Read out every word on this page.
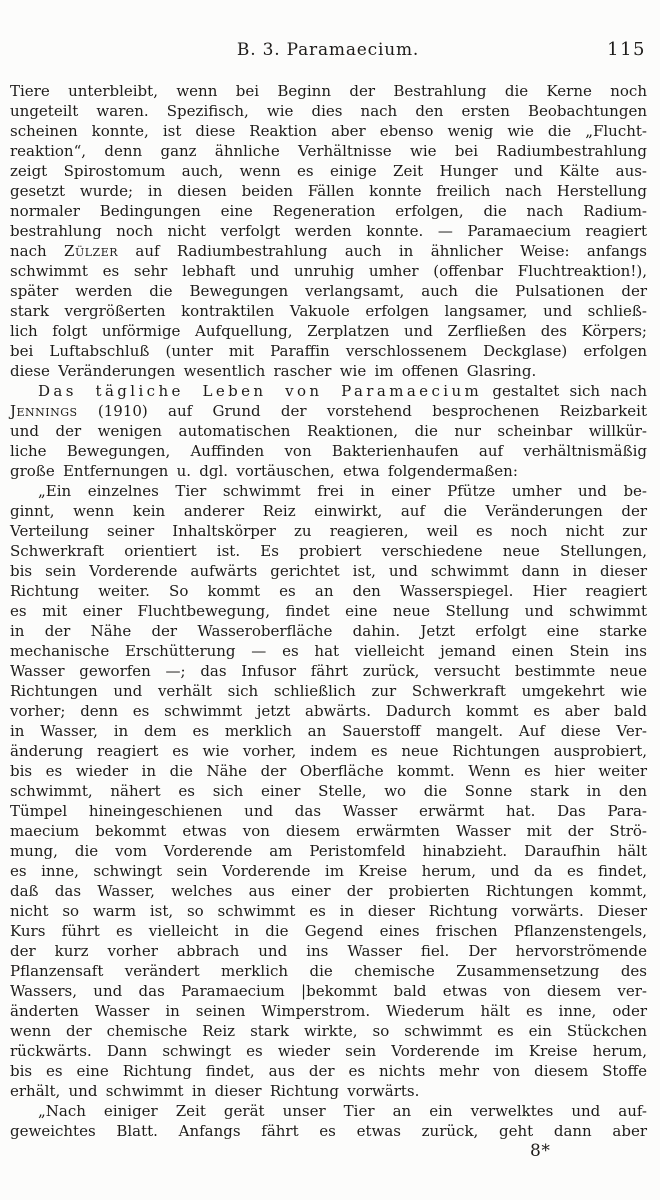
B. 3. Paramaecium.	115
Tiere unterbleibt, wenn bei Beginn der Bestrahlung die Kerne noch
ungeteilt waren. Spezifisch, wie dies nach den ersten Beobachtungen
scheinen konnte, ist diese Reaktion aber ebenso wenig wie die „Flucht-
reaktion“, denn ganz ähnliche Verhältnisse wie bei Radiumbestrahlung
zeigt Spirostomum auch, wenn es einige Zeit Hunger und Kälte aus-
gesetzt wurde; in diesen beiden Fällen konnte freilich nach Herstellung
normaler Bedingungen eine Regeneration erfolgen, die nach Radium-
bestrahlung noch nicht verfolgt werden konnte. — Paramaecium reagiert
nach Zülzer auf Radiumbestrahlung auch in ähnlicher Weise: anfangs
schwimmt es sehr lebhaft und unruhig umher (offenbar Fluchtreaktion!),
später werden die Bewegungen verlangsamt, auch die Pulsationen der
stark vergrößerten kontraktilen Vakuole erfolgen langsamer, und schließ-
lich folgt unförmige Aufquellung, Zerplatzen und Zerfließen des Körpers;
bei Luftabschluß (unter mit Paraffin verschlossenem Deckglase) erfolgen
diese Veränderungen wesentlich rascher wie im offenen Glasring.
Das tägliche Leben von Paramaecium gestaltet sich nach
Jennings (1910) auf Grund der vorstehend besprochenen Reizbarkeit
und der wenigen automatischen Reaktionen, die nur scheinbar willkür-
liche Bewegungen, Auffinden von Bakterienhaufen auf verhältnismäßig
große Entfernungen u. dgl. vortäuschen, etwa folgendermaßen:
„Ein einzelnes Tier schwimmt frei in einer Pfütze umher und be-
ginnt, wenn kein anderer Reiz einwirkt, auf die Veränderungen der
Verteilung seiner Inhaltskörper zu reagieren, weil es noch nicht zur
Schwerkraft orientiert ist. Es probiert verschiedene neue Stellungen,
bis sein Vorderende aufwärts gerichtet ist, und schwimmt dann in dieser
Richtung weiter. So kommt es an den Wasserspiegel. Hier reagiert
es mit einer Fluchtbewegung, findet eine neue Stellung und schwimmt
in der Nähe der Wasseroberfläche dahin. Jetzt erfolgt eine starke
mechanische Erschütterung — es hat vielleicht jemand einen Stein ins
Wasser geworfen —; das Infusor fährt zurück, versucht bestimmte neue
Richtungen und verhält sich schließlich zur Schwerkraft umgekehrt wie
vorher; denn es schwimmt jetzt abwärts. Dadurch kommt es aber bald
in Wasser, in dem es merklich an Sauerstoff mangelt. Auf diese Ver-
änderung reagiert es wie vorher, indem es neue Richtungen ausprobiert,
bis es wieder in die Nähe der Oberfläche kommt. Wenn es hier weiter
schwimmt, nähert es sich einer Stelle, wo die Sonne stark in den
Tümpel hineingeschienen und das Wasser erwärmt hat. Das Para-
maecium bekommt etwas von diesem erwärmten Wasser mit der Strö-
mung, die vom Vorderende am Peristomfeld hinabzieht. Daraufhin hält
es inne, schwingt sein Vorderende im Kreise herum, und da es findet,
daß das Wasser, welches aus einer der probierten Richtungen kommt,
nicht so warm ist, so schwimmt es in dieser Richtung vorwärts. Dieser
Kurs führt es vielleicht in die Gegend eines frischen Pflanzenstengels,
der kurz vorher abbrach und ins Wasser fiel. Der hervorströmende
Pflanzensaft verändert merklich die chemische Zusammensetzung des
Wassers, und das Paramaecium |bekommt bald etwas von diesem ver-
änderten Wasser in seinen Wimperstrom. Wiederum hält es inne, oder
wenn der chemische Reiz stark wirkte, so schwimmt es ein Stückchen
rückwärts. Dann schwingt es wieder sein Vorderende im Kreise herum,
bis es eine Richtung findet, aus der es nichts mehr von diesem Stoffe
erhält, und schwimmt in dieser Richtung vorwärts.
„Nach einiger Zeit gerät unser Tier an ein verwelktes und auf-
geweichtes Blatt. Anfangs fährt es etwas zurück, geht dann aber
8*
